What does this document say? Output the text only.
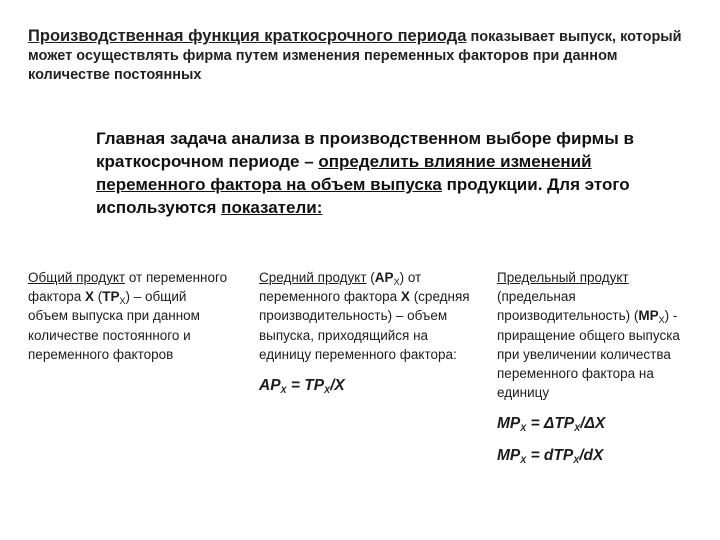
Производственная функция краткосрочного периода показывает выпуск, который может осуществлять фирма путем изменения переменных факторов при данном количестве постоянных
Главная задача анализа в производственном выборе фирмы в краткосрочном периоде – определить влияние изменений переменного фактора на объем выпуска продукции. Для этого используются показатели:
Общий продукт от переменного фактора Х $(TP_X)$ – общий объем выпуска при данном количестве постоянного и переменного факторов
Средний продукт $(AP_X)$ от переменного фактора Х (средняя производительность) – объем выпуска, приходящийся на единицу переменного фактора:
$AP_X = TP_X/X$
Предельный продукт (предельная производительность) $(MP_X)$ - приращение общего выпуска при увеличении количества переменного фактора на единицу
$MP_X = \Delta TP_X/\Delta X$
$MP_X = dTP_X/dX$
